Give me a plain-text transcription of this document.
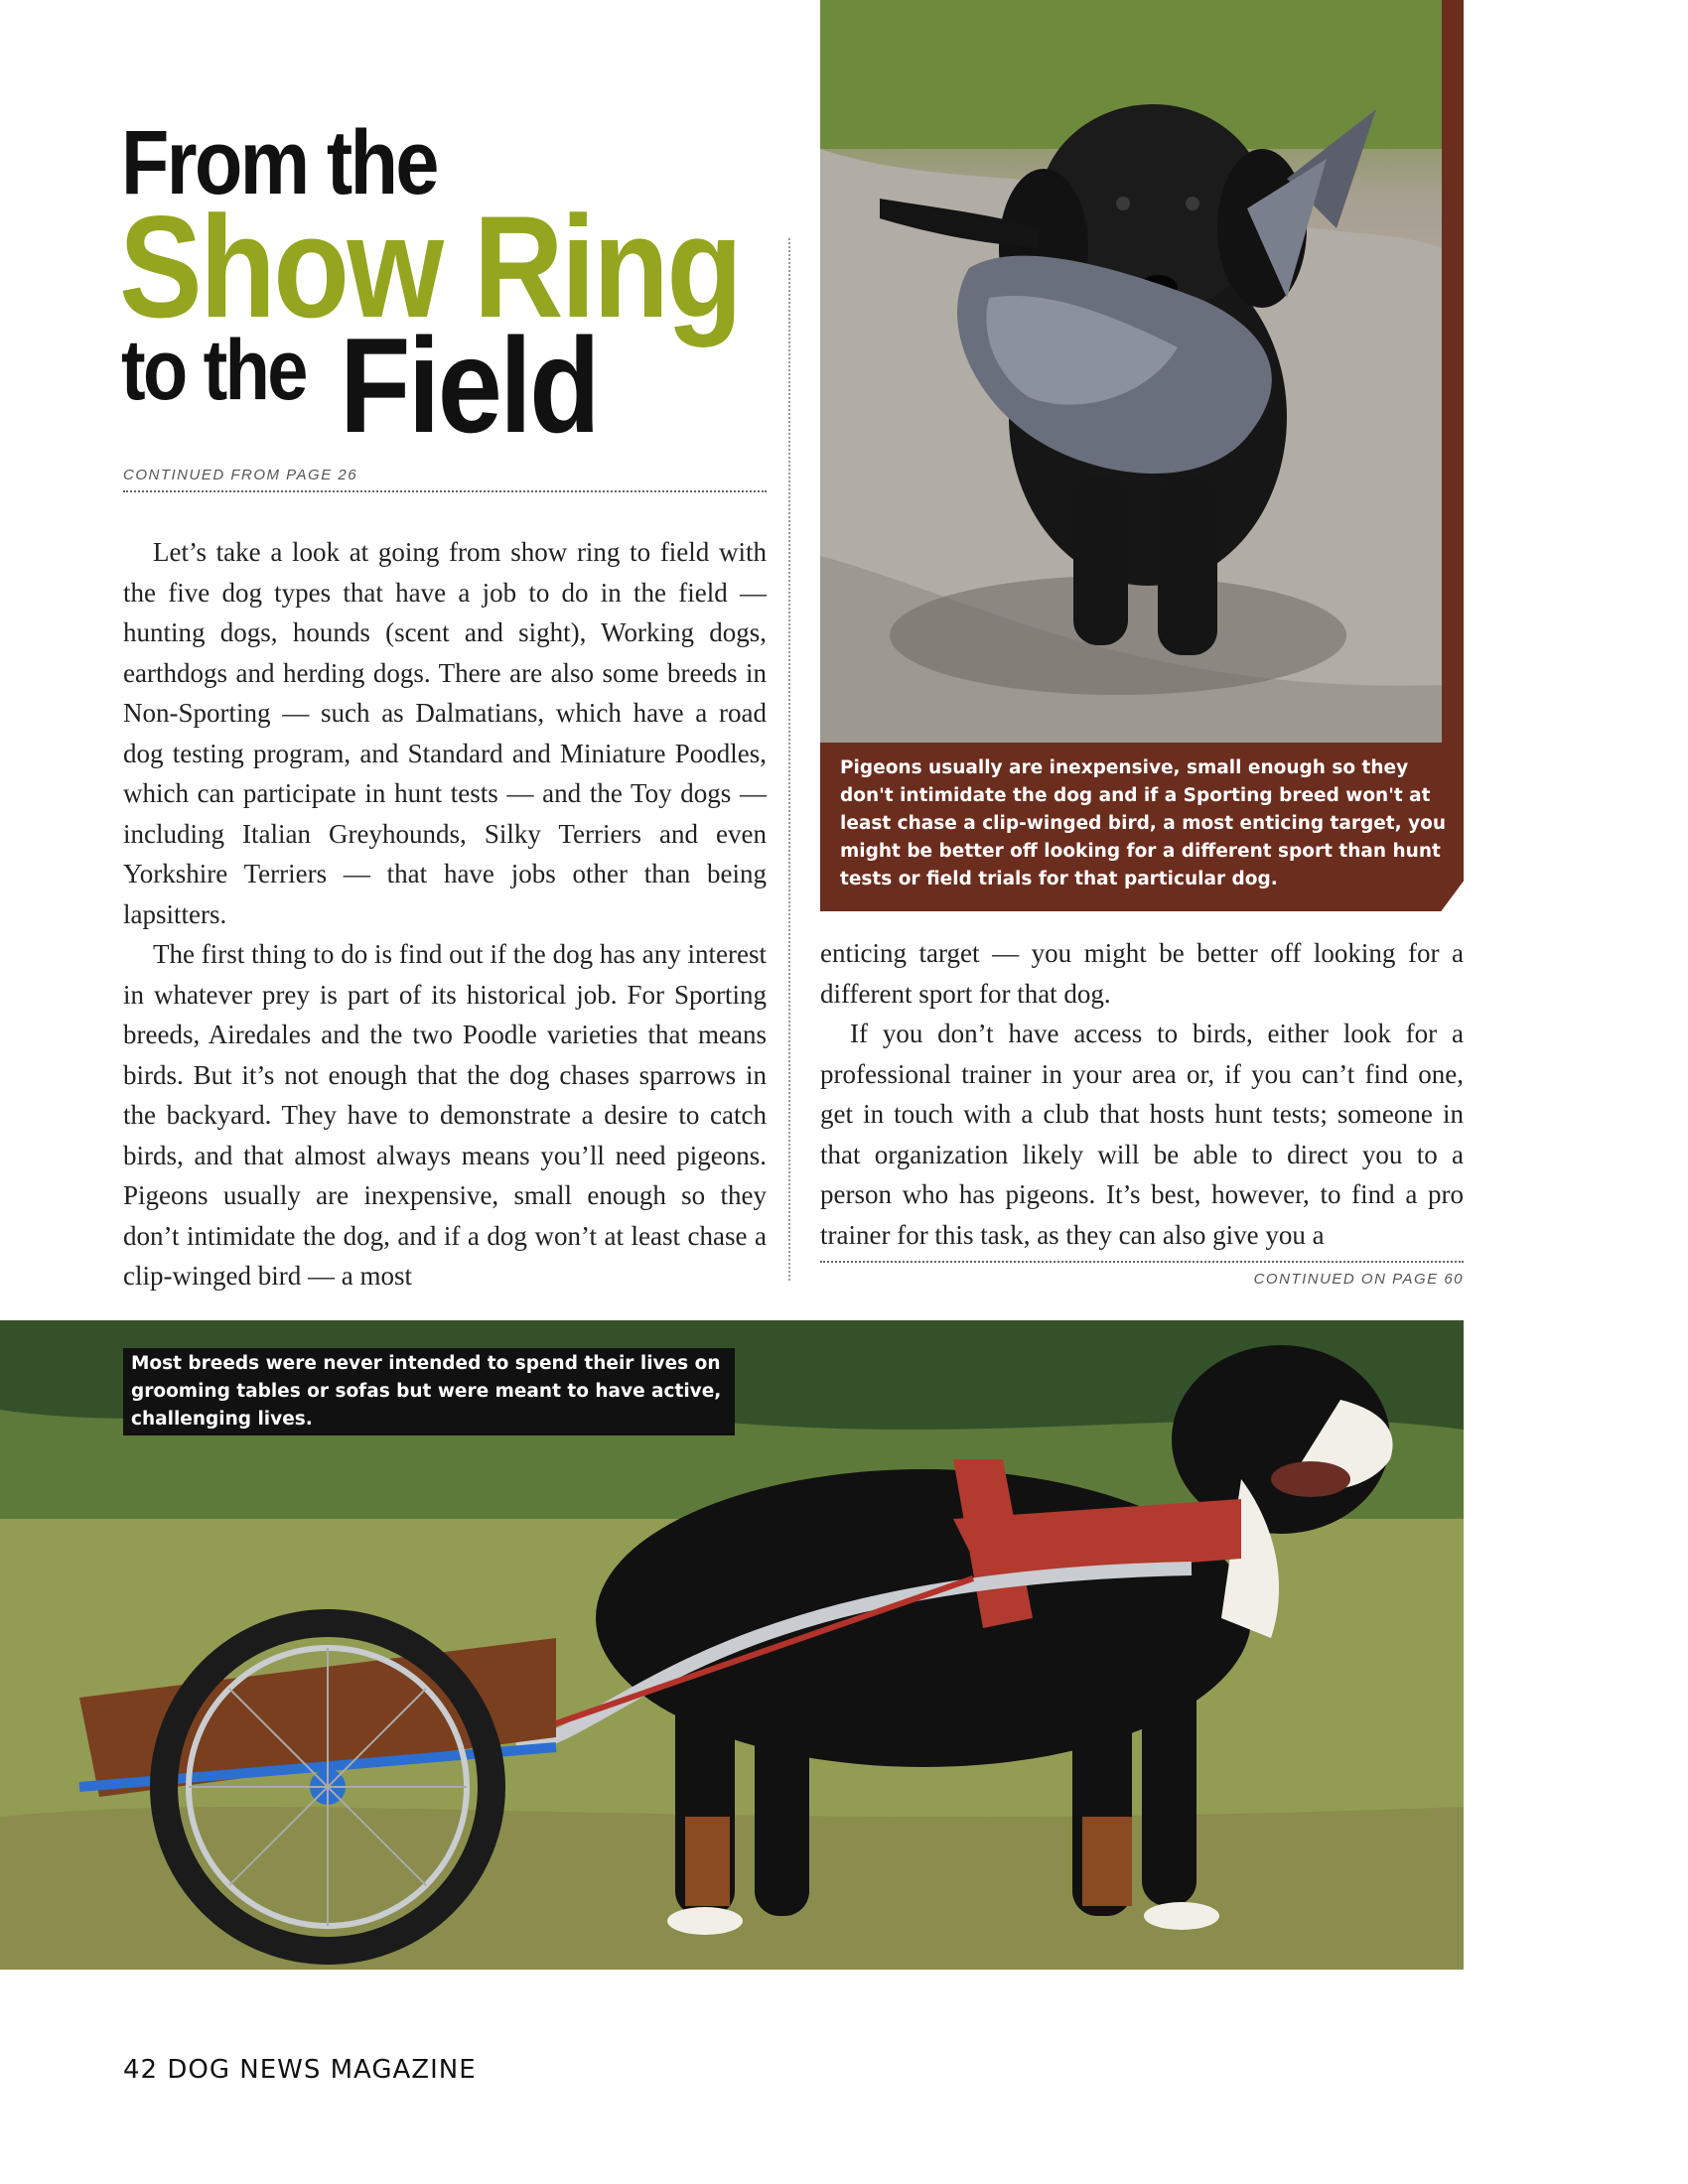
From the
Show Ring
to the Field
CONTINUED FROM PAGE 26

Let’s take a look at going from show ring to field with the five dog types that have a job to do in the field — hunting dogs, hounds (scent and sight), Working dogs, earthdogs and herding dogs. There are also some breeds in Non-Sporting — such as Dalmatians, which have a road dog testing program, and Standard and Miniature Poodles, which can participate in hunt tests — and the Toy dogs — including Italian Greyhounds, Silky Terriers and even Yorkshire Terriers — that have jobs other than being lapsitters.

The first thing to do is find out if the dog has any interest in whatever prey is part of its historical job. For Sporting breeds, Airedales and the two Poodle varieties that means birds. But it’s not enough that the dog chases sparrows in the backyard. They have to demonstrate a desire to catch birds, and that almost always means you’ll need pigeons. Pigeons usually are inexpensive, small enough so they don’t intimidate the dog, and if a dog won’t at least chase a clip-winged bird — a most

Pigeons usually are inexpensive, small enough so they don't intimidate the dog and if a Sporting breed won't at least chase a clip-winged bird, a most enticing target, you might be better off looking for a different sport than hunt tests or field trials for that particular dog.

enticing target — you might be better off looking for a different sport for that dog.

If you don’t have access to birds, either look for a professional trainer in your area or, if you can’t find one, get in touch with a club that hosts hunt tests; someone in that organization likely will be able to direct you to a person who has pigeons. It’s best, however, to find a pro trainer for this task, as they can also give you a

CONTINUED ON PAGE 60
Most breeds were never intended to spend their lives on grooming tables or sofas but were meant to have active, challenging lives.
42 DOG NEWS MAGAZINE
